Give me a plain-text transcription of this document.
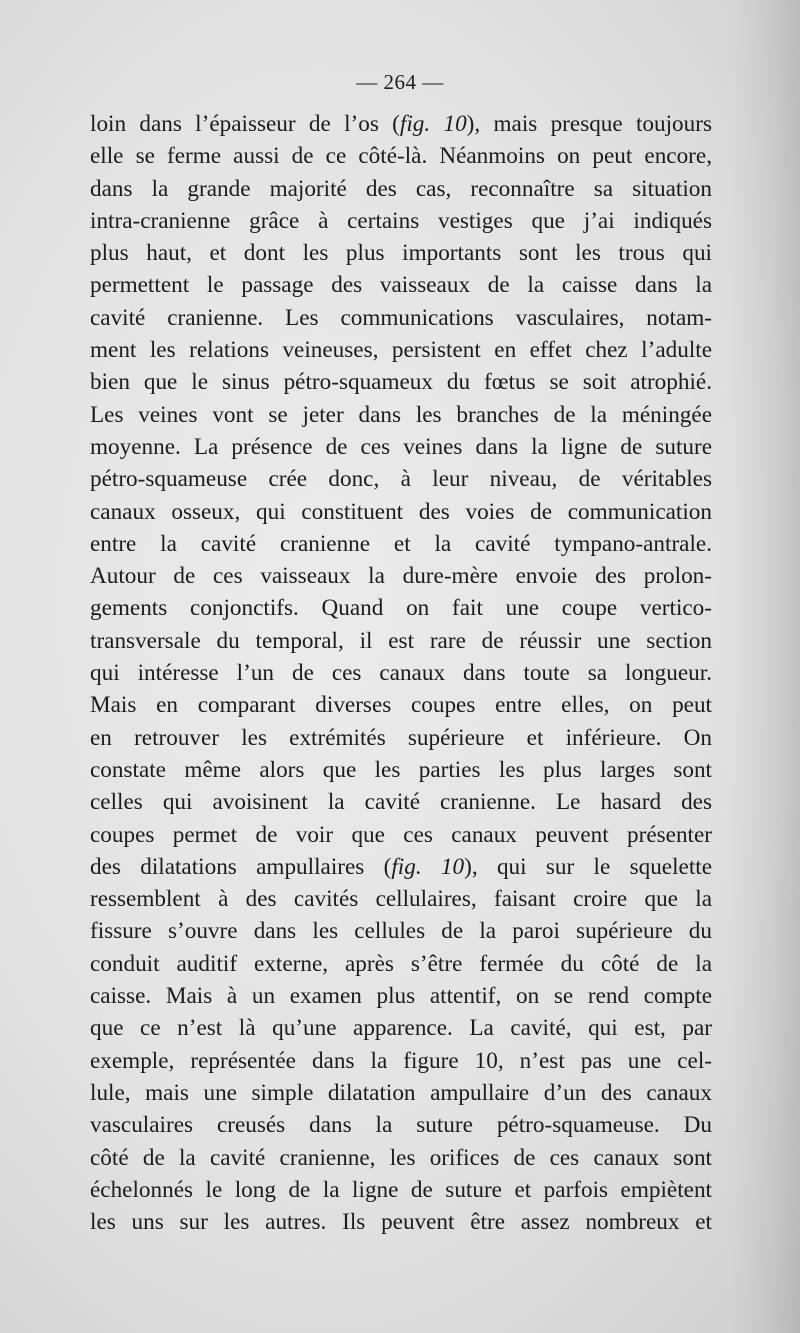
— 264 —
loin dans l’épaisseur de l’os (fig. 10), mais presque toujours
elle se ferme aussi de ce côté-là. Néanmoins on peut encore,
dans la grande majorité des cas, reconnaître sa situation
intra-cranienne grâce à certains vestiges que j’ai indiqués
plus haut, et dont les plus importants sont les trous qui
permettent le passage des vaisseaux de la caisse dans la
cavité cranienne. Les communications vasculaires, notam-
ment les relations veineuses, persistent en effet chez l’adulte
bien que le sinus pétro-squameux du fœtus se soit atrophié.
Les veines vont se jeter dans les branches de la méningée
moyenne. La présence de ces veines dans la ligne de suture
pétro-squameuse crée donc, à leur niveau, de véritables
canaux osseux, qui constituent des voies de communication
entre la cavité cranienne et la cavité tympano-antrale.
Autour de ces vaisseaux la dure-mère envoie des prolon-
gements conjonctifs. Quand on fait une coupe vertico-
transversale du temporal, il est rare de réussir une section
qui intéresse l’un de ces canaux dans toute sa longueur.
Mais en comparant diverses coupes entre elles, on peut
en retrouver les extrémités supérieure et inférieure. On
constate même alors que les parties les plus larges sont
celles qui avoisinent la cavité cranienne. Le hasard des
coupes permet de voir que ces canaux peuvent présenter
des dilatations ampullaires (fig. 10), qui sur le squelette
ressemblent à des cavités cellulaires, faisant croire que la
fissure s’ouvre dans les cellules de la paroi supérieure du
conduit auditif externe, après s’être fermée du côté de la
caisse. Mais à un examen plus attentif, on se rend compte
que ce n’est là qu’une apparence. La cavité, qui est, par
exemple, représentée dans la figure 10, n’est pas une cel-
lule, mais une simple dilatation ampullaire d’un des canaux
vasculaires creusés dans la suture pétro-squameuse. Du
côté de la cavité cranienne, les orifices de ces canaux sont
échelonnés le long de la ligne de suture et parfois empiètent
les uns sur les autres. Ils peuvent être assez nombreux et
